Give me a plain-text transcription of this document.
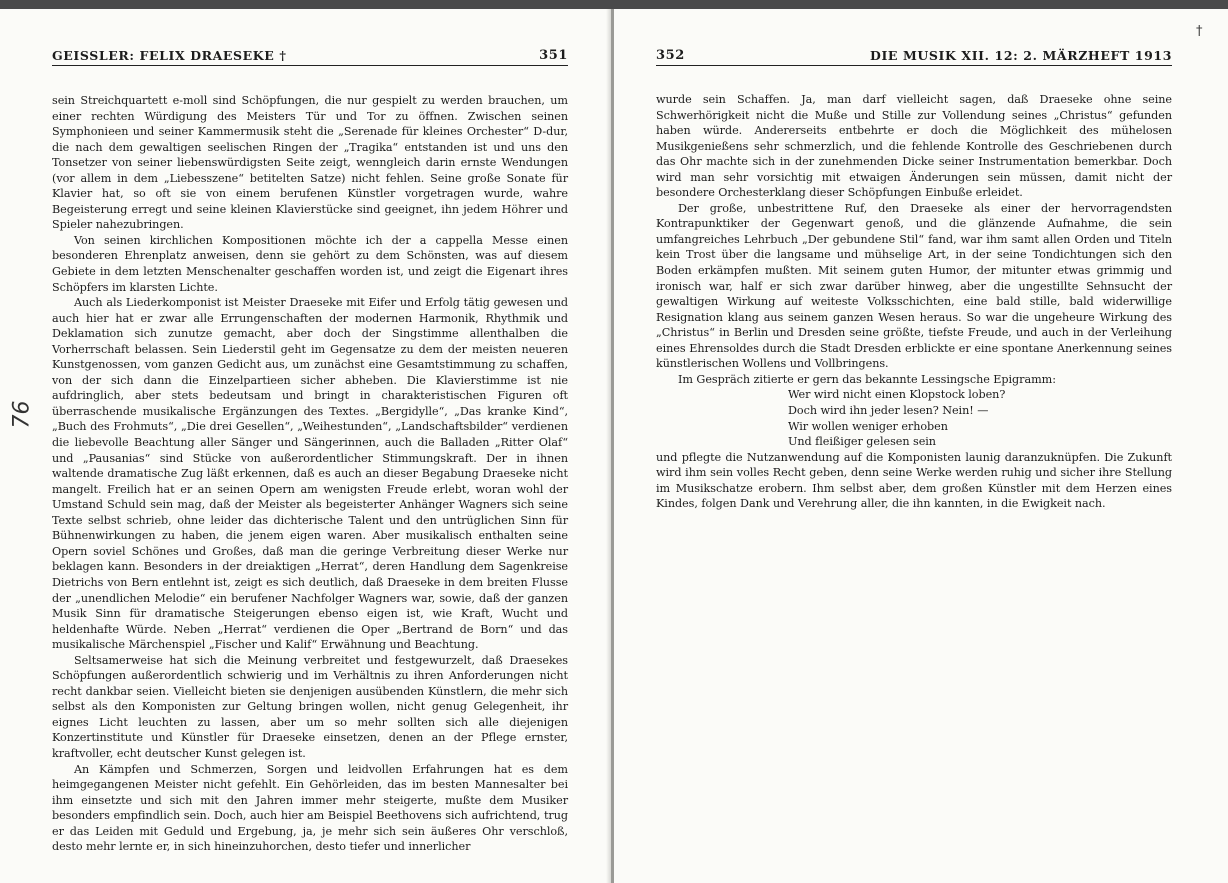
GEISSLER: FELIX DRAESEKE †	351

sein Streichquartett e-moll sind Schöpfungen, die nur gespielt zu werden brauchen, um einer rechten Würdigung des Meisters Tür und Tor zu öffnen. Zwischen seinen Symphonieen und seiner Kammermusik steht die „Serenade für kleines Orchester“ D-dur, die nach dem gewaltigen seelischen Ringen der „Tragika“ entstanden ist und uns den Tonsetzer von seiner liebenswürdigsten Seite zeigt, wenngleich darin ernste Wendungen (vor allem in dem „Liebesszene“ betitelten Satze) nicht fehlen. Seine große Sonate für Klavier hat, so oft sie von einem berufenen Künstler vorgetragen wurde, wahre Begeisterung erregt und seine kleinen Klavierstücke sind geeignet, ihn jedem Höhrer und Spieler nahezubringen.

Von seinen kirchlichen Kompositionen möchte ich der a cappella Messe einen besonderen Ehrenplatz anweisen, denn sie gehört zu dem Schönsten, was auf diesem Gebiete in dem letzten Menschenalter geschaffen worden ist, und zeigt die Eigenart ihres Schöpfers im klarsten Lichte.

Auch als Liederkomponist ist Meister Draeseke mit Eifer und Erfolg tätig gewesen und auch hier hat er zwar alle Errungenschaften der modernen Harmonik, Rhythmik und Deklamation sich zunutze gemacht, aber doch der Singstimme allenthalben die Vorherrschaft belassen. Sein Liederstil geht im Gegensatze zu dem der meisten neueren Kunstgenossen, vom ganzen Gedicht aus, um zunächst eine Gesamtstimmung zu schaffen, von der sich dann die Einzelpartieen sicher abheben. Die Klavierstimme ist nie aufdringlich, aber stets bedeutsam und bringt in charakteristischen Figuren oft überraschende musikalische Ergänzungen des Textes. „Bergidylle“, „Das kranke Kind“, „Buch des Frohmuts“, „Die drei Gesellen“, „Weihestunden“, „Landschaftsbilder“ verdienen die liebevolle Beachtung aller Sänger und Sängerinnen, auch die Balladen „Ritter Olaf“ und „Pausanias“ sind Stücke von außerordentlicher Stimmungskraft. Der in ihnen waltende dramatische Zug läßt erkennen, daß es auch an dieser Begabung Draeseke nicht mangelt. Freilich hat er an seinen Opern am wenigsten Freude erlebt, woran wohl der Umstand Schuld sein mag, daß der Meister als begeisterter Anhänger Wagners sich seine Texte selbst schrieb, ohne leider das dichterische Talent und den untrüglichen Sinn für Bühnenwirkungen zu haben, die jenem eigen waren. Aber musikalisch enthalten seine Opern soviel Schönes und Großes, daß man die geringe Verbreitung dieser Werke nur beklagen kann. Besonders in der dreiaktigen „Herrat“, deren Handlung dem Sagenkreise Dietrichs von Bern entlehnt ist, zeigt es sich deutlich, daß Draeseke in dem breiten Flusse der „unendlichen Melodie“ ein berufener Nachfolger Wagners war, sowie, daß der ganzen Musik Sinn für dramatische Steigerungen ebenso eigen ist, wie Kraft, Wucht und heldenhafte Würde. Neben „Herrat“ verdienen die Oper „Bertrand de Born“ und das musikalische Märchenspiel „Fischer und Kalif“ Erwähnung und Beachtung.

Seltsamerweise hat sich die Meinung verbreitet und festgewurzelt, daß Draesekes Schöpfungen außerordentlich schwierig und im Verhältnis zu ihren Anforderungen nicht recht dankbar seien. Vielleicht bieten sie denjenigen ausübenden Künstlern, die mehr sich selbst als den Komponisten zur Geltung bringen wollen, nicht genug Gelegenheit, ihr eignes Licht leuchten zu lassen, aber um so mehr sollten sich alle diejenigen Konzertinstitute und Künstler für Draeseke einsetzen, denen an der Pflege ernster, kraftvoller, echt deutscher Kunst gelegen ist.

An Kämpfen und Schmerzen, Sorgen und leidvollen Erfahrungen hat es dem heimgegangenen Meister nicht gefehlt. Ein Gehörleiden, das im besten Mannesalter bei ihm einsetzte und sich mit den Jahren immer mehr steigerte, mußte dem Musiker besonders empfindlich sein. Doch, auch hier am Beispiel Beethovens sich aufrichtend, trug er das Leiden mit Geduld und Ergebung, ja, je mehr sich sein äußeres Ohr verschloß, desto mehr lernte er, in sich hineinzuhorchen, desto tiefer und innerlicher

76
352	DIE MUSIK XII. 12: 2. MÄRZHEFT 1913
†

wurde sein Schaffen. Ja, man darf vielleicht sagen, daß Draeseke ohne seine Schwerhörigkeit nicht die Muße und Stille zur Vollendung seines „Christus“ gefunden haben würde. Andererseits entbehrte er doch die Möglichkeit des mühelosen Musikgenießens sehr schmerzlich, und die fehlende Kontrolle des Geschriebenen durch das Ohr machte sich in der zunehmenden Dicke seiner Instrumentation bemerkbar. Doch wird man sehr vorsichtig mit etwaigen Änderungen sein müssen, damit nicht der besondere Orchesterklang dieser Schöpfungen Einbuße erleidet.

Der große, unbestrittene Ruf, den Draeseke als einer der hervorragendsten Kontrapunktiker der Gegenwart genoß, und die glänzende Aufnahme, die sein umfangreiches Lehrbuch „Der gebundene Stil“ fand, war ihm samt allen Orden und Titeln kein Trost über die langsame und mühselige Art, in der seine Tondichtungen sich den Boden erkämpfen mußten. Mit seinem guten Humor, der mitunter etwas grimmig und ironisch war, half er sich zwar darüber hinweg, aber die ungestillte Sehnsucht der gewaltigen Wirkung auf weiteste Volksschichten, eine bald stille, bald widerwillige Resignation klang aus seinem ganzen Wesen heraus. So war die ungeheure Wirkung des „Christus“ in Berlin und Dresden seine größte, tiefste Freude, und auch in der Verleihung eines Ehrensoldes durch die Stadt Dresden erblickte er eine spontane Anerkennung seines künstlerischen Wollens und Vollbringens.

Im Gespräch zitierte er gern das bekannte Lessingsche Epigramm:

Wer wird nicht einen Klopstock loben?
Doch wird ihn jeder lesen? Nein! —
Wir wollen weniger erhoben
Und fleißiger gelesen sein

und pflegte die Nutzanwendung auf die Komponisten launig daranzuknüpfen. Die Zukunft wird ihm sein volles Recht geben, denn seine Werke werden ruhig und sicher ihre Stellung im Musikschatze erobern. Ihm selbst aber, dem großen Künstler mit dem Herzen eines Kindes, folgen Dank und Verehrung aller, die ihn kannten, in die Ewigkeit nach.
